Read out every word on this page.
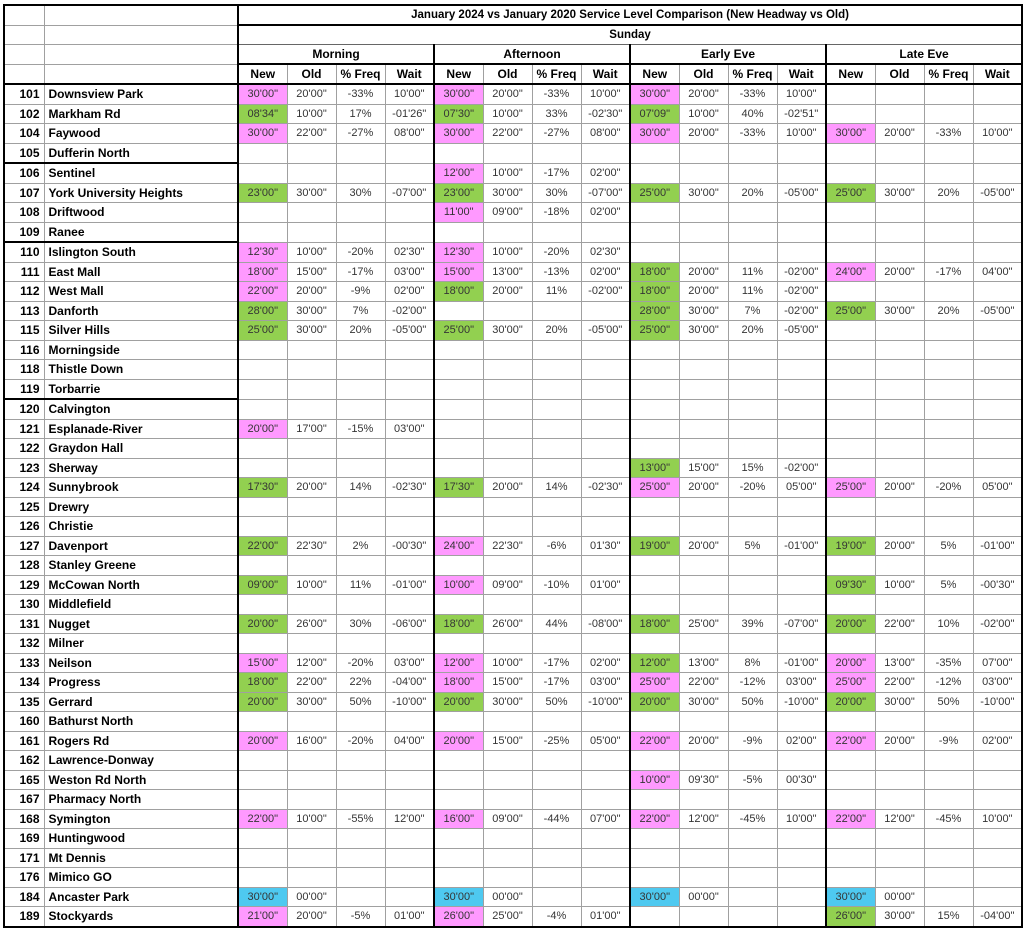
		January 2024 vs January 2020 Service Level Comparison (New Headway vs Old)															
		Sunday															
		Morning				Afternoon				Early Eve				Late Eve			
		New	Old	% Freq	Wait	New	Old	% Freq	Wait	New	Old	% Freq	Wait	New	Old	% Freq	Wait
101	Downsview Park	30'00"	20'00"	-33%	10'00"	30'00"	20'00"	-33%	10'00"	30'00"	20'00"	-33%	10'00"				
102	Markham Rd	08'34"	10'00"	17%	-01'26"	07'30"	10'00"	33%	-02'30"	07'09"	10'00"	40%	-02'51"				
104	Faywood	30'00"	22'00"	-27%	08'00"	30'00"	22'00"	-27%	08'00"	30'00"	20'00"	-33%	10'00"	30'00"	20'00"	-33%	10'00"
105	Dufferin North																
106	Sentinel					12'00"	10'00"	-17%	02'00"								
107	York University Heights	23'00"	30'00"	30%	-07'00"	23'00"	30'00"	30%	-07'00"	25'00"	30'00"	20%	-05'00"	25'00"	30'00"	20%	-05'00"
108	Driftwood					11'00"	09'00"	-18%	02'00"								
109	Ranee																
110	Islington South	12'30"	10'00"	-20%	02'30"	12'30"	10'00"	-20%	02'30"								
111	East Mall	18'00"	15'00"	-17%	03'00"	15'00"	13'00"	-13%	02'00"	18'00"	20'00"	11%	-02'00"	24'00"	20'00"	-17%	04'00"
112	West Mall	22'00"	20'00"	-9%	02'00"	18'00"	20'00"	11%	-02'00"	18'00"	20'00"	11%	-02'00"				
113	Danforth	28'00"	30'00"	7%	-02'00"					28'00"	30'00"	7%	-02'00"	25'00"	30'00"	20%	-05'00"
115	Silver Hills	25'00"	30'00"	20%	-05'00"	25'00"	30'00"	20%	-05'00"	25'00"	30'00"	20%	-05'00"				
116	Morningside																
118	Thistle Down																
119	Torbarrie																
120	Calvington																
121	Esplanade-River	20'00"	17'00"	-15%	03'00"												
122	Graydon Hall																
123	Sherway									13'00"	15'00"	15%	-02'00"				
124	Sunnybrook	17'30"	20'00"	14%	-02'30"	17'30"	20'00"	14%	-02'30"	25'00"	20'00"	-20%	05'00"	25'00"	20'00"	-20%	05'00"
125	Drewry																
126	Christie																
127	Davenport	22'00"	22'30"	2%	-00'30"	24'00"	22'30"	-6%	01'30"	19'00"	20'00"	5%	-01'00"	19'00"	20'00"	5%	-01'00"
128	Stanley Greene																
129	McCowan North	09'00"	10'00"	11%	-01'00"	10'00"	09'00"	-10%	01'00"					09'30"	10'00"	5%	-00'30"
130	Middlefield																
131	Nugget	20'00"	26'00"	30%	-06'00"	18'00"	26'00"	44%	-08'00"	18'00"	25'00"	39%	-07'00"	20'00"	22'00"	10%	-02'00"
132	Milner																
133	Neilson	15'00"	12'00"	-20%	03'00"	12'00"	10'00"	-17%	02'00"	12'00"	13'00"	8%	-01'00"	20'00"	13'00"	-35%	07'00"
134	Progress	18'00"	22'00"	22%	-04'00"	18'00"	15'00"	-17%	03'00"	25'00"	22'00"	-12%	03'00"	25'00"	22'00"	-12%	03'00"
135	Gerrard	20'00"	30'00"	50%	-10'00"	20'00"	30'00"	50%	-10'00"	20'00"	30'00"	50%	-10'00"	20'00"	30'00"	50%	-10'00"
160	Bathurst North																
161	Rogers Rd	20'00"	16'00"	-20%	04'00"	20'00"	15'00"	-25%	05'00"	22'00"	20'00"	-9%	02'00"	22'00"	20'00"	-9%	02'00"
162	Lawrence-Donway																
165	Weston Rd North									10'00"	09'30"	-5%	00'30"				
167	Pharmacy North																
168	Symington	22'00"	10'00"	-55%	12'00"	16'00"	09'00"	-44%	07'00"	22'00"	12'00"	-45%	10'00"	22'00"	12'00"	-45%	10'00"
169	Huntingwood																
171	Mt Dennis																
176	Mimico GO																
184	Ancaster Park	30'00"	00'00"			30'00"	00'00"			30'00"	00'00"			30'00"	00'00"		
189	Stockyards	21'00"	20'00"	-5%	01'00"	26'00"	25'00"	-4%	01'00"					26'00"	30'00"	15%	-04'00"
